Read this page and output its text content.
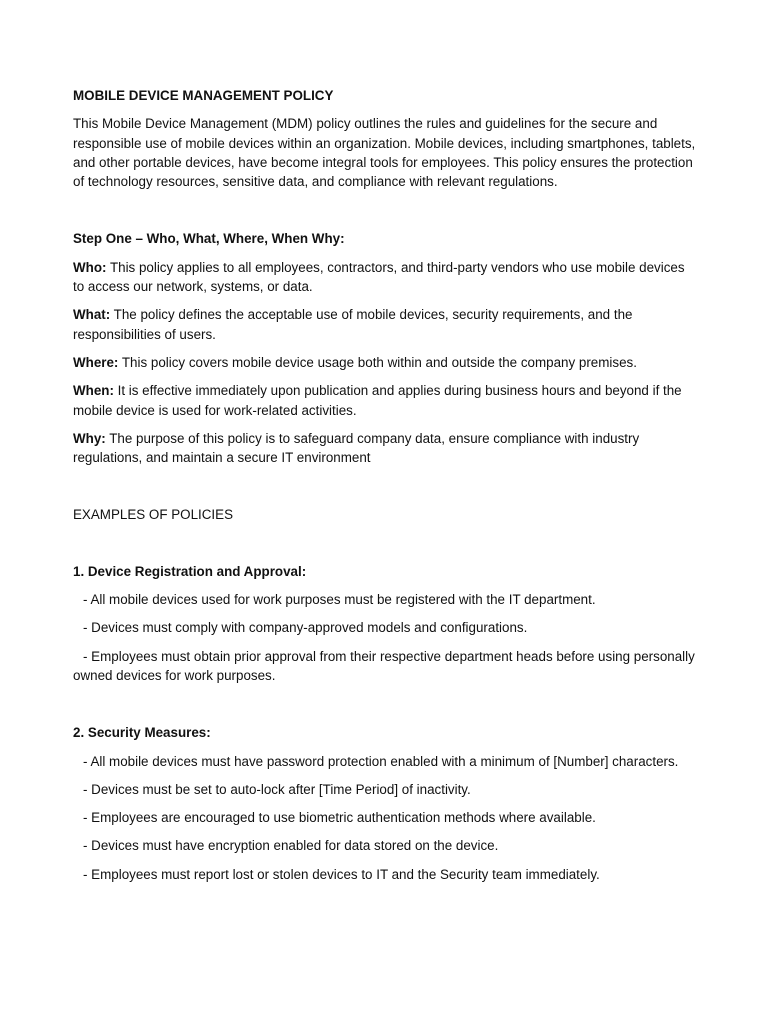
MOBILE DEVICE MANAGEMENT POLICY

This Mobile Device Management (MDM) policy outlines the rules and guidelines for the secure and responsible use of mobile devices within an organization. Mobile devices, including smartphones, tablets, and other portable devices, have become integral tools for employees. This policy ensures the protection of technology resources, sensitive data, and compliance with relevant regulations.

Step One – Who, What, Where, When Why:

Who: This policy applies to all employees, contractors, and third-party vendors who use mobile devices to access our network, systems, or data.

What: The policy defines the acceptable use of mobile devices, security requirements, and the responsibilities of users.

Where: This policy covers mobile device usage both within and outside the company premises.

When: It is effective immediately upon publication and applies during business hours and beyond if the mobile device is used for work-related activities.

Why: The purpose of this policy is to safeguard company data, ensure compliance with industry regulations, and maintain a secure IT environment

EXAMPLES OF POLICIES

1. Device Registration and Approval:

- All mobile devices used for work purposes must be registered with the IT department.

- Devices must comply with company-approved models and configurations.

- Employees must obtain prior approval from their respective department heads before using personally owned devices for work purposes.

2. Security Measures:

- All mobile devices must have password protection enabled with a minimum of [Number] characters.

- Devices must be set to auto-lock after [Time Period] of inactivity.

- Employees are encouraged to use biometric authentication methods where available.

- Devices must have encryption enabled for data stored on the device.

- Employees must report lost or stolen devices to IT and the Security team immediately.
